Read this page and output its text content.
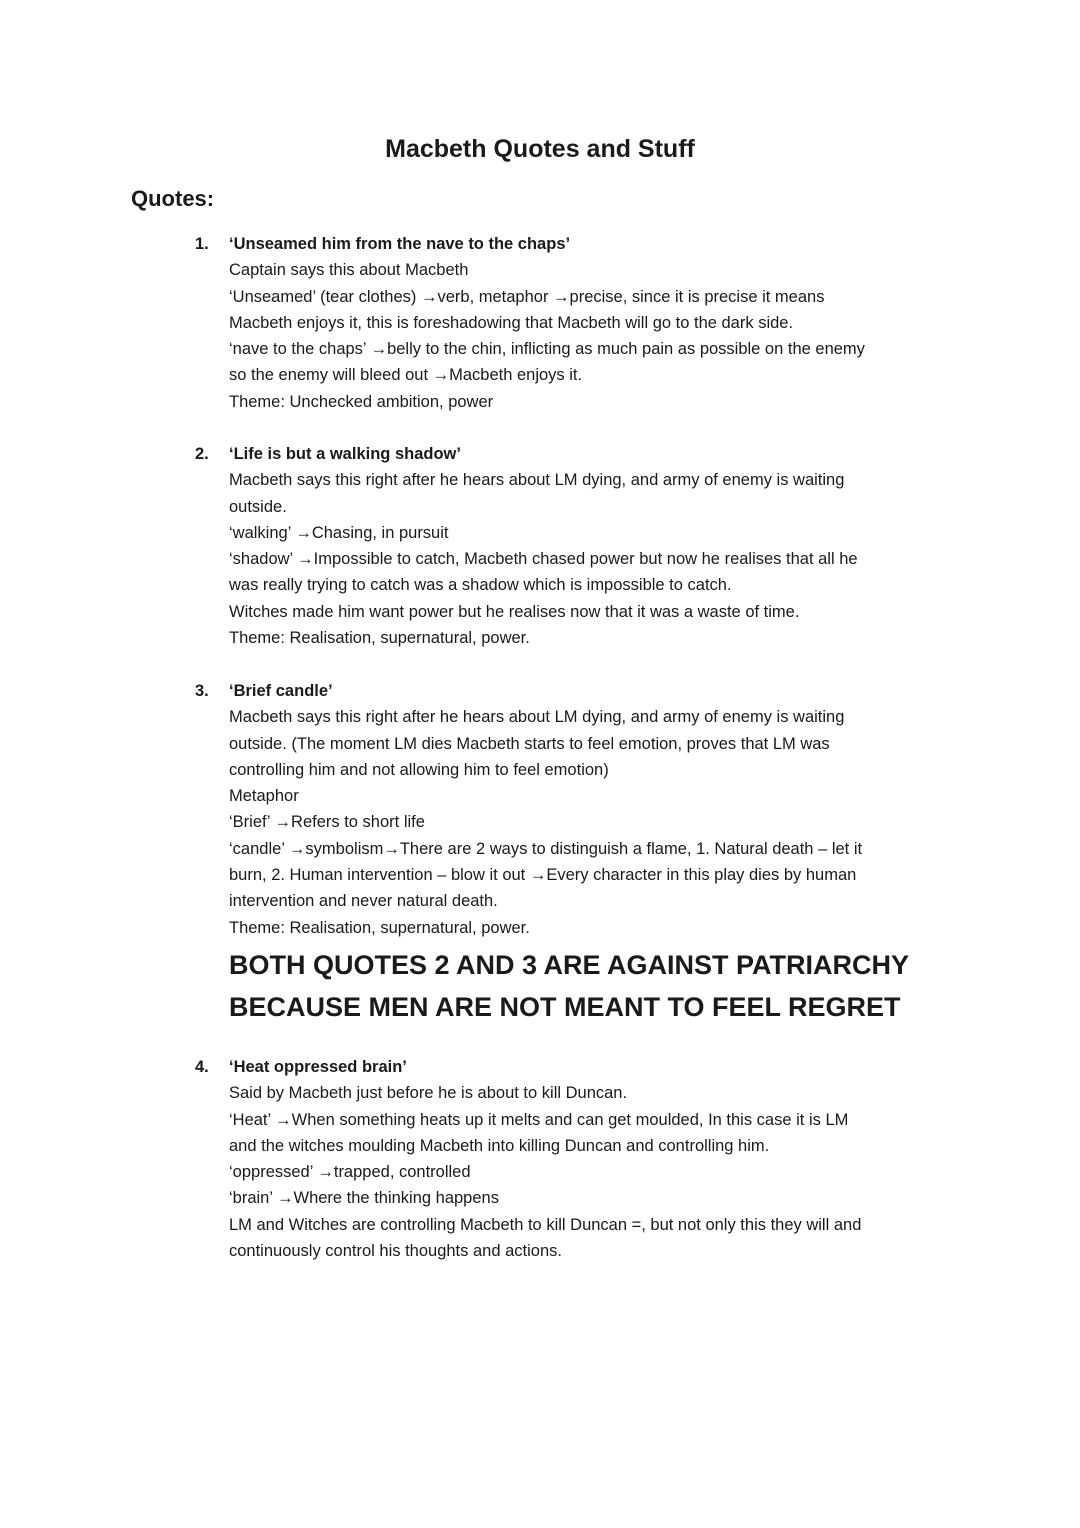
Macbeth Quotes and Stuff
Quotes:
1.	‘Unseamed him from the nave to the chaps’
Captain says this about Macbeth
‘Unseamed’ (tear clothes) →verb, metaphor →precise, since it is precise it means
Macbeth enjoys it, this is foreshadowing that Macbeth will go to the dark side.
‘nave to the chaps’ →belly to the chin, inflicting as much pain as possible on the enemy
so the enemy will bleed out →Macbeth enjoys it.
Theme: Unchecked ambition, power
2.	‘Life is but a walking shadow’
Macbeth says this right after he hears about LM dying, and army of enemy is waiting
outside.
‘walking’ →Chasing, in pursuit
‘shadow’ →Impossible to catch, Macbeth chased power but now he realises that all he
was really trying to catch was a shadow which is impossible to catch.
Witches made him want power but he realises now that it was a waste of time.
Theme: Realisation, supernatural, power.
3.	‘Brief candle’
Macbeth says this right after he hears about LM dying, and army of enemy is waiting
outside. (The moment LM dies Macbeth starts to feel emotion, proves that LM was
controlling him and not allowing him to feel emotion)
Metaphor
‘Brief’ →Refers to short life
‘candle’ →symbolism→There are 2 ways to distinguish a flame, 1. Natural death – let it
burn, 2. Human intervention – blow it out →Every character in this play dies by human
intervention and never natural death.
Theme: Realisation, supernatural, power.
BOTH QUOTES 2 AND 3 ARE AGAINST PATRIARCHY
BECAUSE MEN ARE NOT MEANT TO FEEL REGRET
4.	‘Heat oppressed brain’
Said by Macbeth just before he is about to kill Duncan.
‘Heat’ →When something heats up it melts and can get moulded, In this case it is LM
and the witches moulding Macbeth into killing Duncan and controlling him.
‘oppressed’ →trapped, controlled
‘brain’ →Where the thinking happens
LM and Witches are controlling Macbeth to kill Duncan =, but not only this they will and
continuously control his thoughts and actions.
